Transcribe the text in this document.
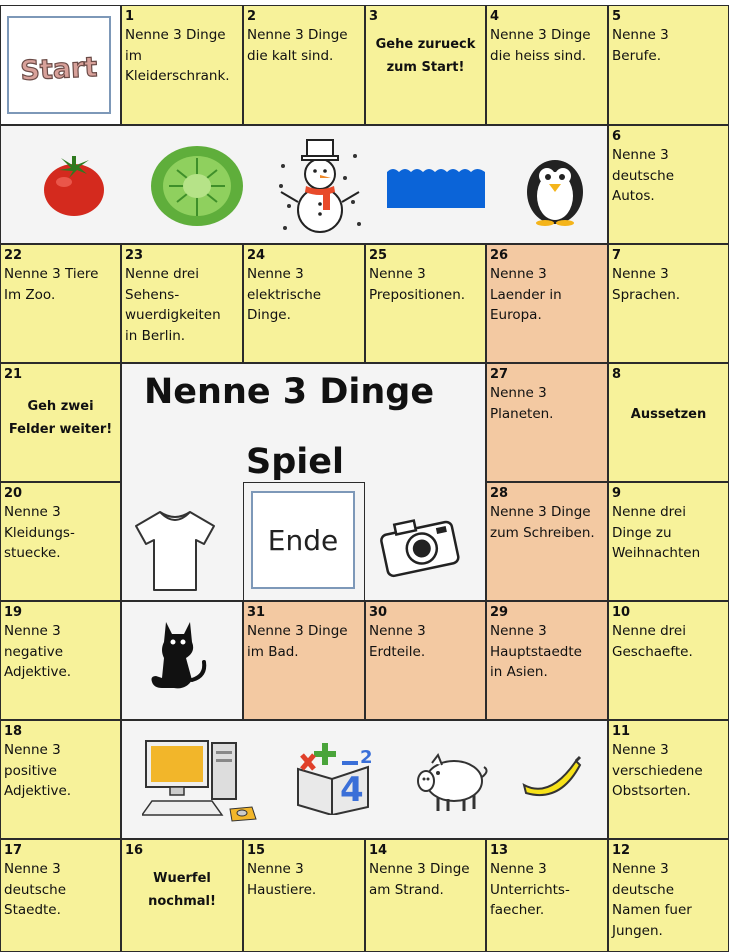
Start
1
Nenne 3 Dinge
im
Kleiderschrank.
2
Nenne 3 Dinge
die kalt sind.
3
Gehe zurueck
zum Start!
4
Nenne 3 Dinge
die heiss sind.
5
Nenne 3
Berufe.
6
Nenne 3
deutsche
Autos.
22
Nenne 3 Tiere
Im Zoo.
23
Nenne drei
Sehens-
wuerdigkeiten
in Berlin.
24
Nenne 3
elektrische
Dinge.
25
Nenne 3
Prepositionen.
26
Nenne 3
Laender in
Europa.
7
Nenne 3
Sprachen.
Nenne 3 Dinge
Spiel
21
Geh zwei
Felder weiter!
27
Nenne 3
Planeten.
8
Aussetzen
20
Nenne 3
Kleidungs-
stuecke.	Ende
28
Nenne 3 Dinge
zum Schreiben.
9
Nenne drei
Dinge zu
Weihnachten
19
Nenne 3
negative
Adjektive.
31
Nenne 3 Dinge
im Bad.
30
Nenne 3
Erdteile.
29
Nenne 3
Hauptstaedte
in Asien.
10
Nenne drei
Geschaefte.
18
Nenne 3
positive
Adjektive.	4
2
11
Nenne 3
verschiedene
Obstsorten.
17
Nenne 3
deutsche
Staedte.
16
Wuerfel
nochmal!
15
Nenne 3
Haustiere.
14
Nenne 3 Dinge
am Strand.
13
Nenne 3
Unterrichts-
faecher.
12
Nenne 3
deutsche
Namen fuer
Jungen.
